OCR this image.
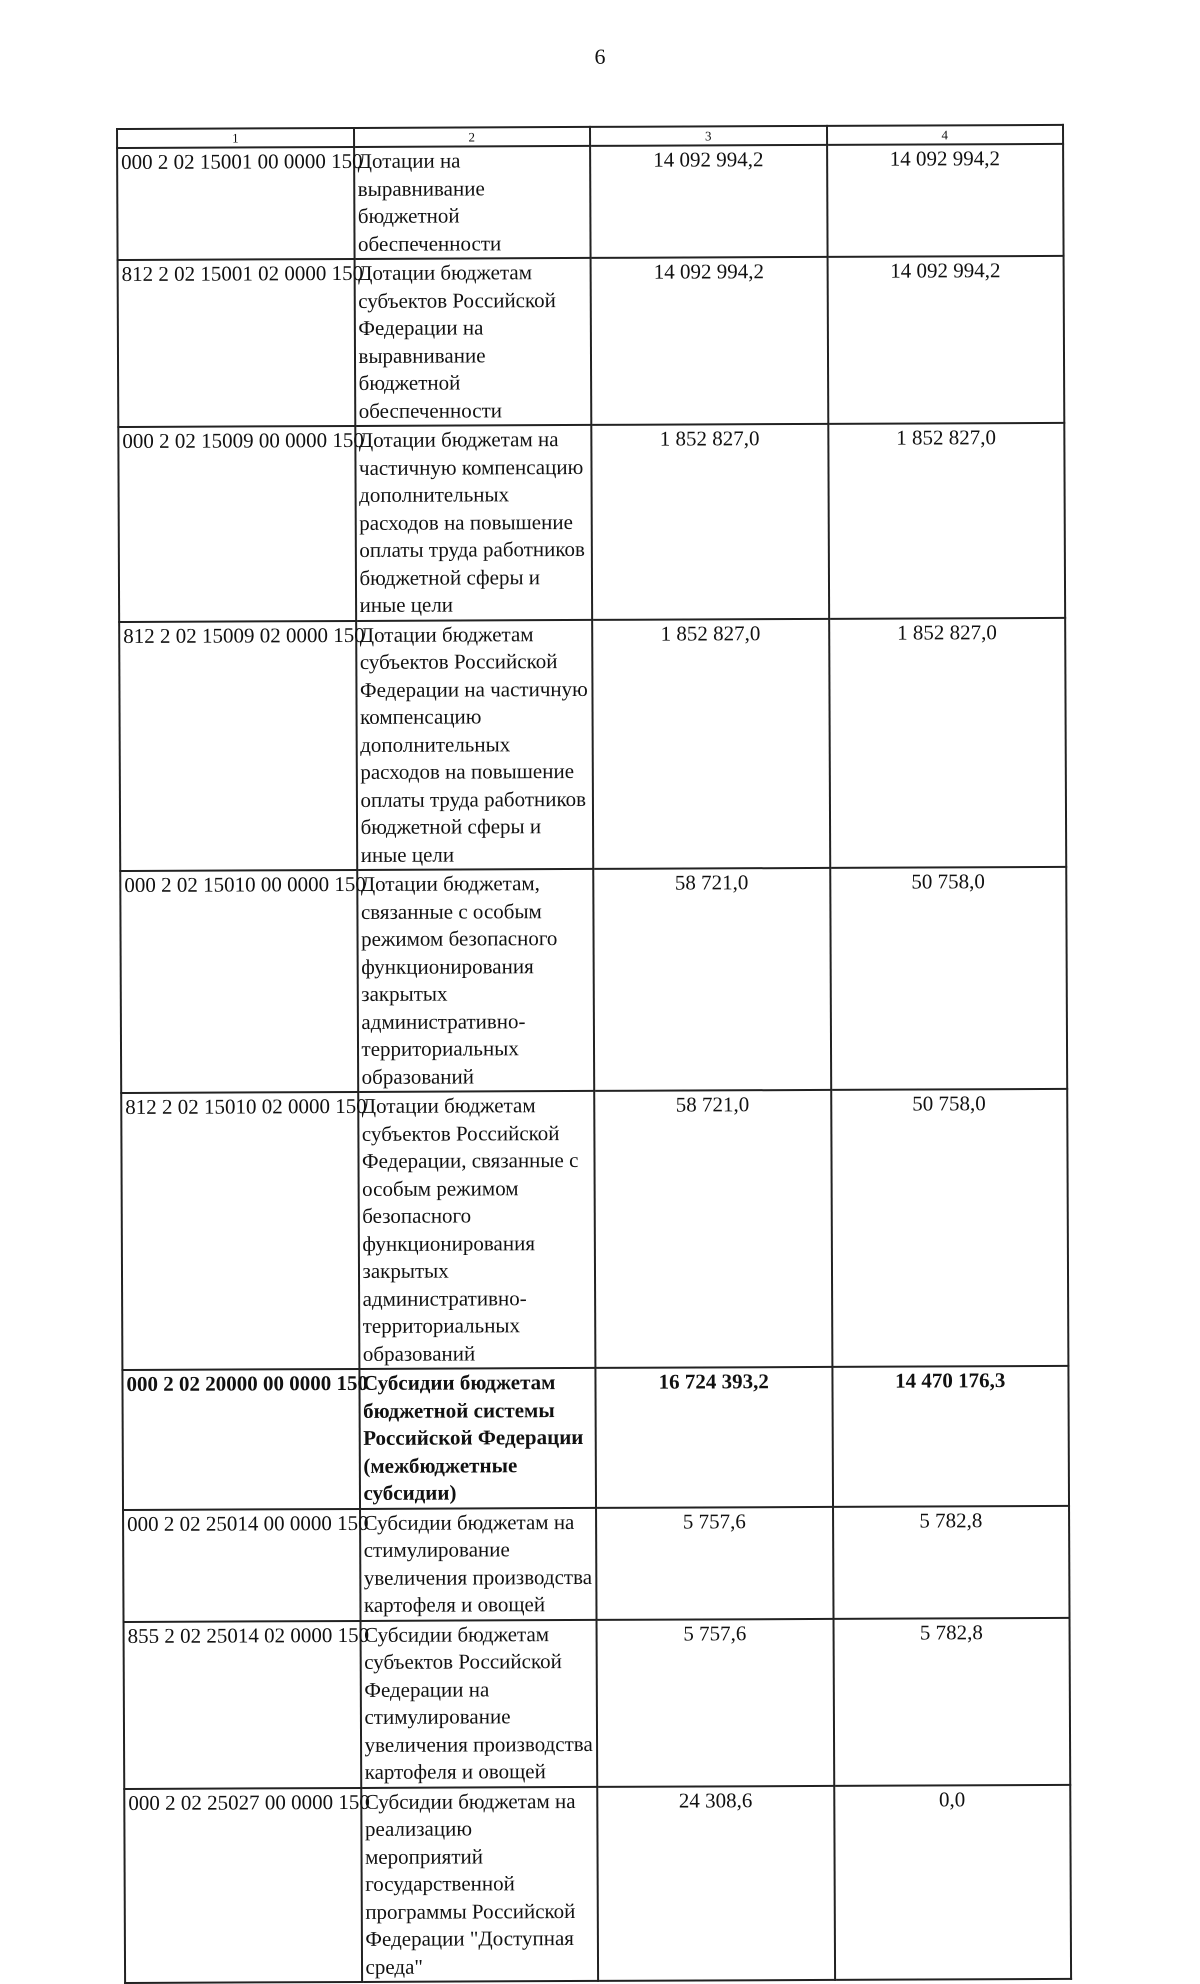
6
1	2	3	4
000 2 02 15001 00 0000 150	Дотации на выравнивание бюджетной обеспеченности	14 092 994,2	14 092 994,2
812 2 02 15001 02 0000 150	Дотации бюджетам субъектов Российской Федерации на выравнивание бюджетной обеспеченности	14 092 994,2	14 092 994,2
000 2 02 15009 00 0000 150	Дотации бюджетам на частичную компенсацию дополнительных расходов на повышение оплаты труда работников бюджетной сферы и иные цели	1 852 827,0	1 852 827,0
812 2 02 15009 02 0000 150	Дотации бюджетам субъектов Российской Федерации на частичную компенсацию дополнительных расходов на повышение оплаты труда работников бюджетной сферы и иные цели	1 852 827,0	1 852 827,0
000 2 02 15010 00 0000 150	Дотации бюджетам, связанные с особым режимом безопасного функционирования закрытых административно-территориальных образований	58 721,0	50 758,0
812 2 02 15010 02 0000 150	Дотации бюджетам субъектов Российской Федерации, связанные с особым режимом безопасного функционирования закрытых административно-территориальных образований	58 721,0	50 758,0
000 2 02 20000 00 0000 150	Субсидии бюджетам бюджетной системы Российской Федерации (межбюджетные субсидии)	16 724 393,2	14 470 176,3
000 2 02 25014 00 0000 150	Субсидии бюджетам на стимулирование увеличения производства картофеля и овощей	5 757,6	5 782,8
855 2 02 25014 02 0000 150	Субсидии бюджетам субъектов Российской Федерации на стимулирование увеличения производства картофеля и овощей	5 757,6	5 782,8
000 2 02 25027 00 0000 150	Субсидии бюджетам на реализацию мероприятий государственной программы Российской Федерации "Доступная среда"	24 308,6	0,0
